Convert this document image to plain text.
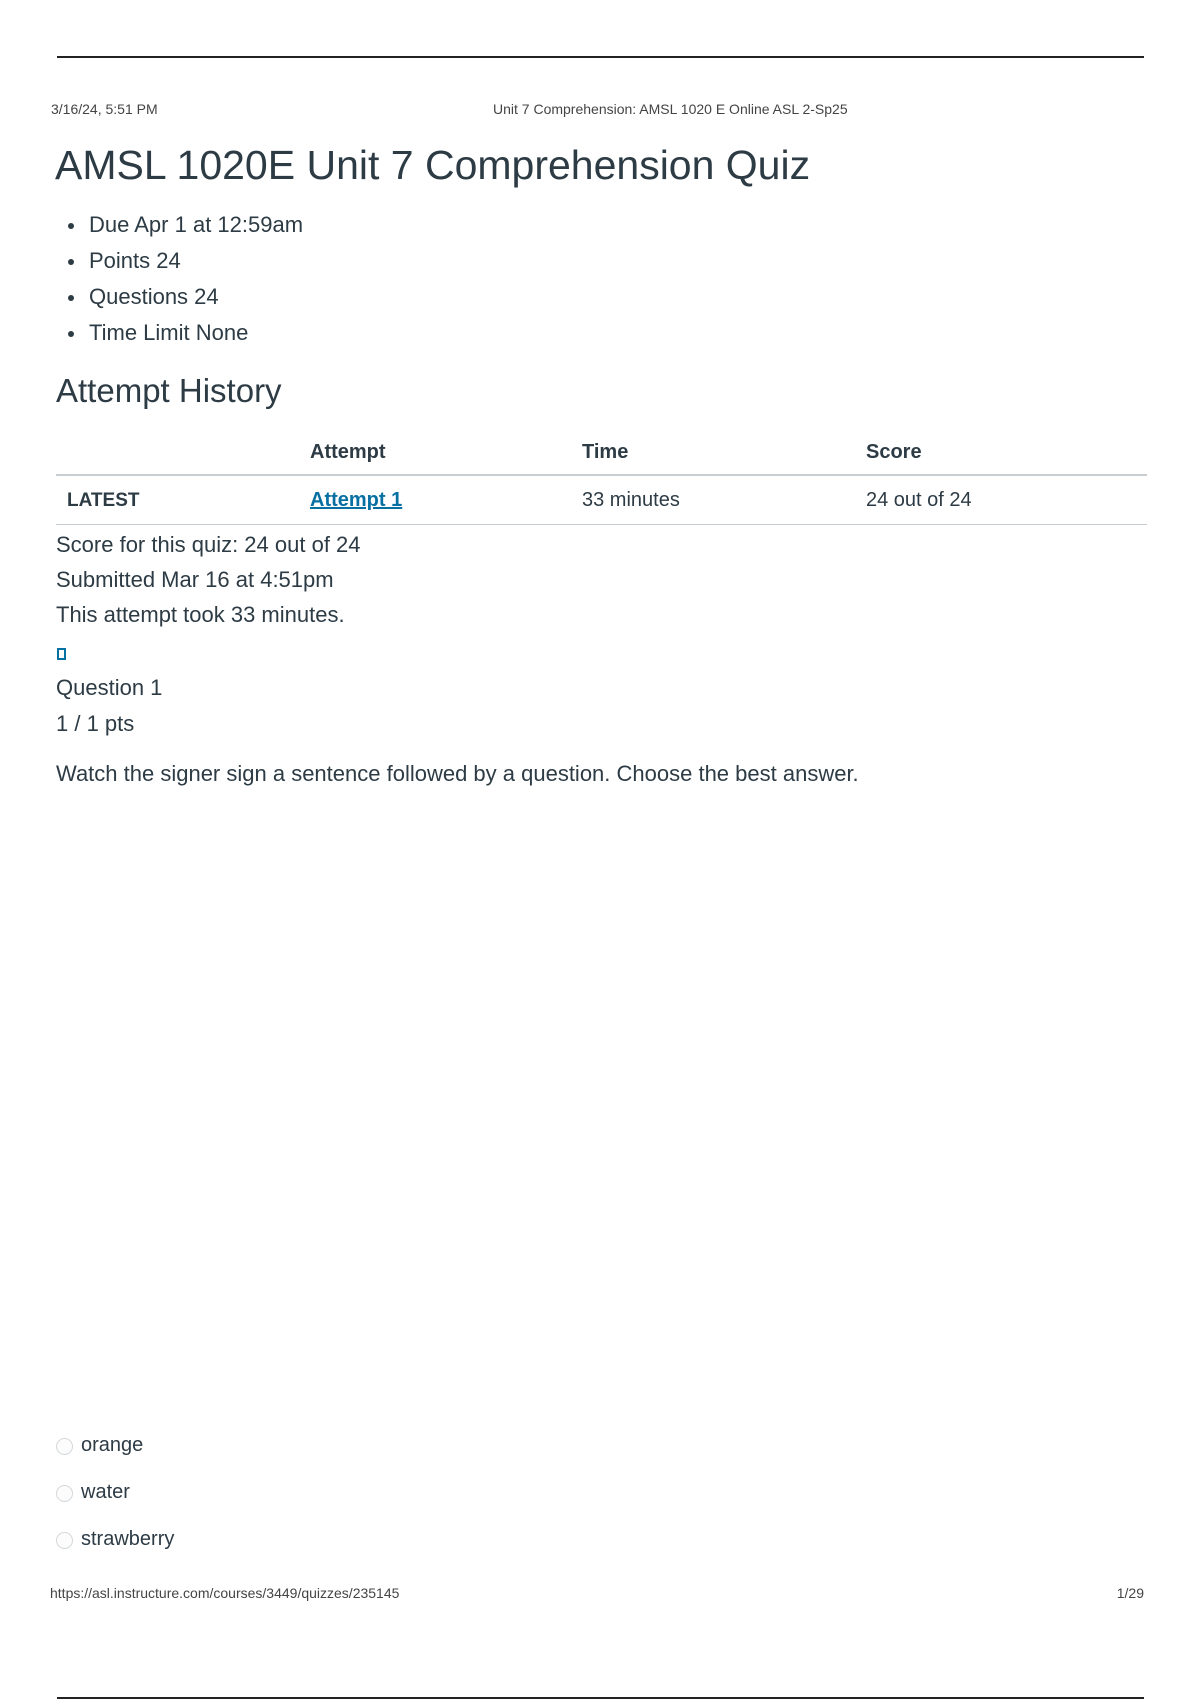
3/16/24, 5:51 PM	Unit 7 Comprehension: AMSL 1020 E Online ASL 2-Sp25
AMSL 1020E Unit 7 Comprehension Quiz
Due Apr 1 at 12:59am
Points 24
Questions 24
Time Limit None
Attempt History
	Attempt	Time	Score
LATEST	Attempt 1	33 minutes	24 out of 24
Score for this quiz: 24 out of 24
Submitted Mar 16 at 4:51pm
This attempt took 33 minutes.
Question 1
1 / 1 pts

Watch the signer sign a sentence followed by a question. Choose the best answer.

orange
water
strawberry
https://asl.instructure.com/courses/3449/quizzes/235145	1/29
